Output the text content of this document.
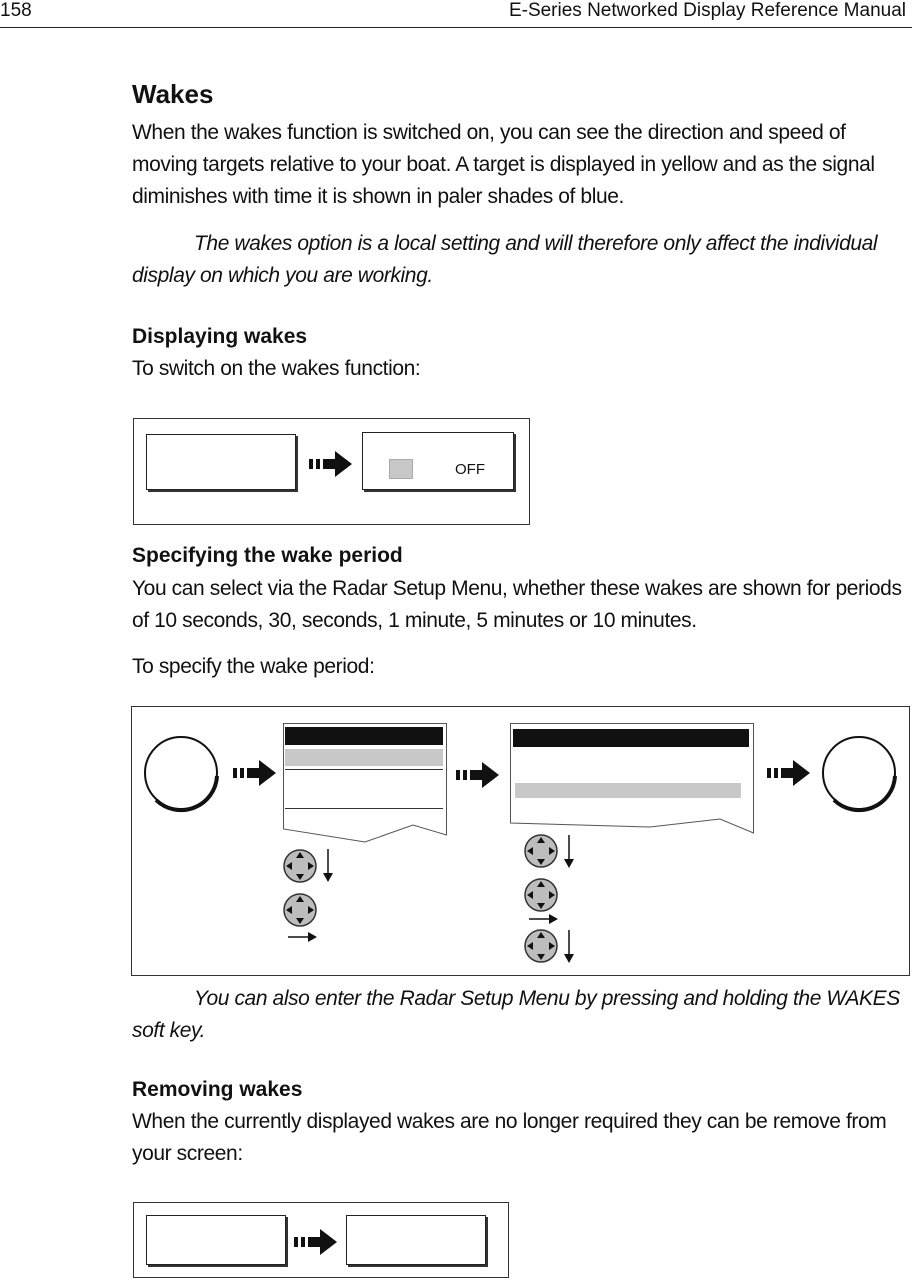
158	E-Series Networked Display Reference Manual
Wakes

When the wakes function is switched on, you can see the direction and speed of

moving targets relative to your boat. A target is displayed in yellow and as the signal

diminishes with time it is shown in paler shades of blue.

The wakes option is a local setting and will therefore only affect the individual

display on which you are working.

Displaying wakes

To switch on the wakes function:

OFF
Specifying the wake period

You can select via the Radar Setup Menu, whether these wakes are shown for periods

of 10 seconds, 30, seconds, 1 minute, 5 minutes or 10 minutes.

To specify the wake period:

You can also enter the Radar Setup Menu by pressing and holding the WAKES

soft key.

Removing wakes

When the currently displayed wakes are no longer required they can be remove from

your screen:
